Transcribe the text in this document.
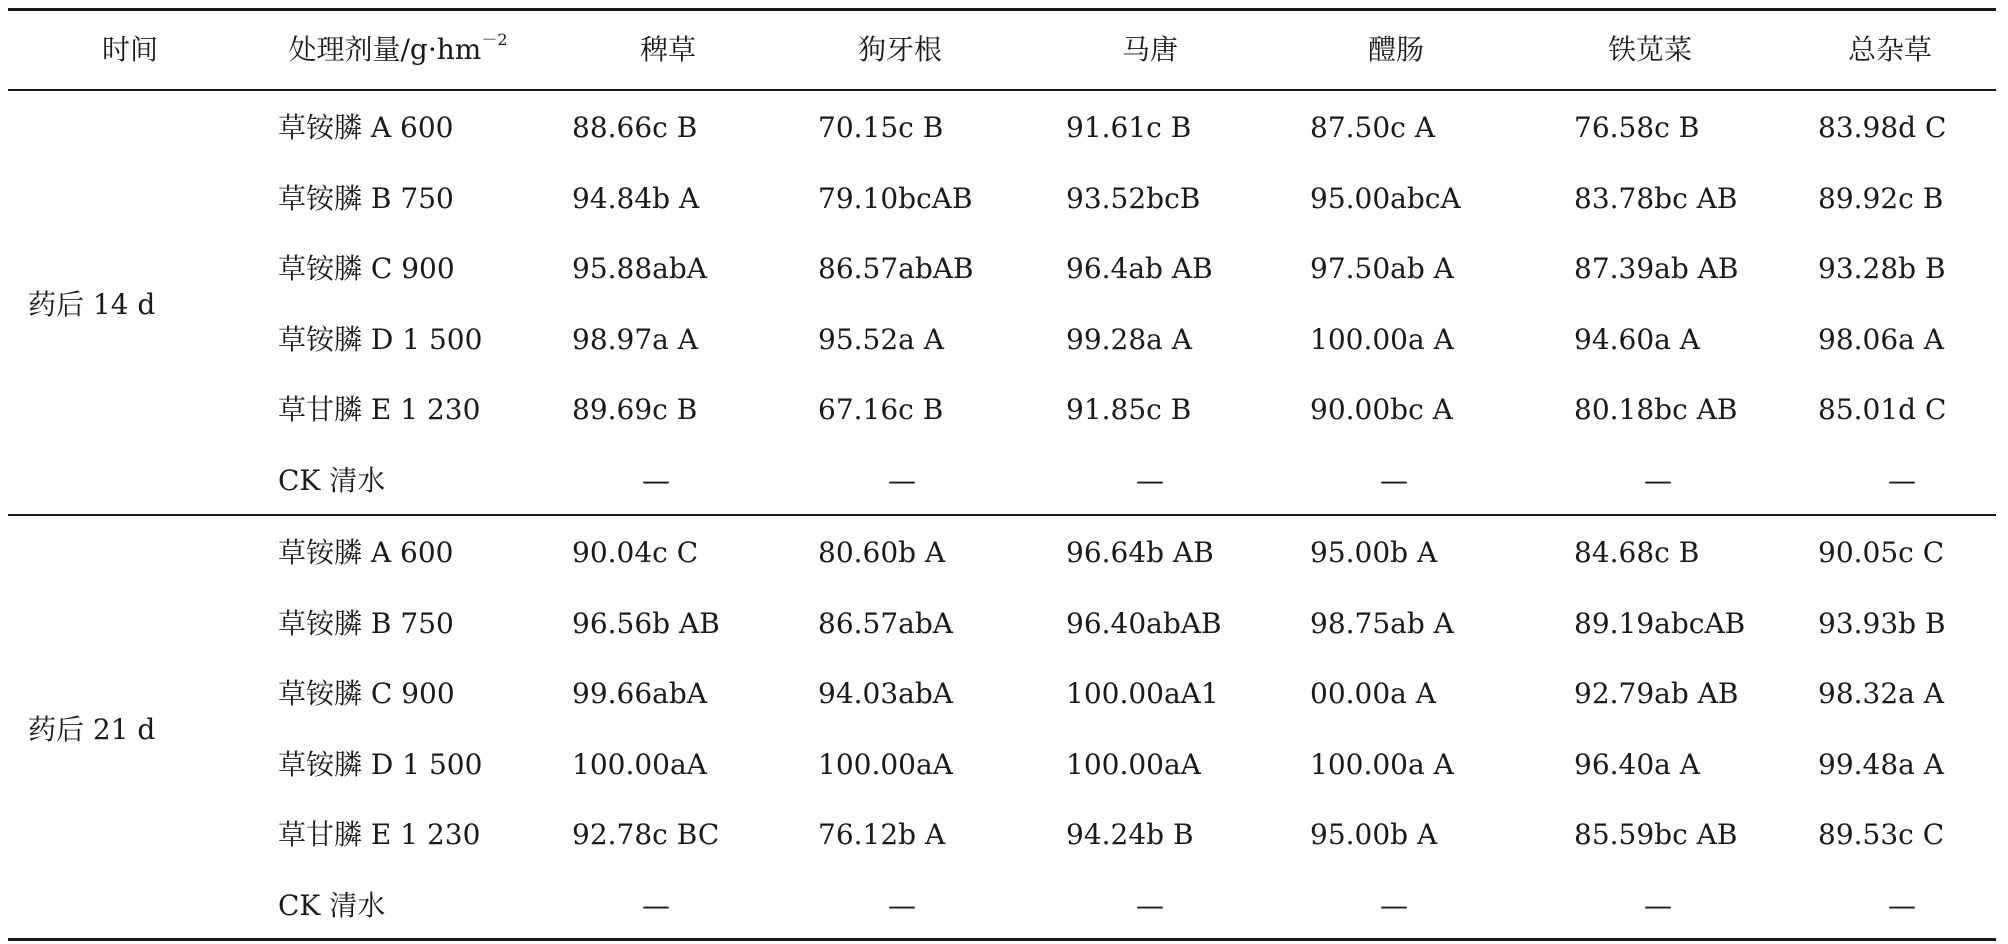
时间	处理剂量$/g\cdot hm^{-2}$	稗草	狗牙根	马唐	醴肠	铁苋菜	总杂草
药后 14 d
草铵膦 A 600	88.66c B	70.15c B	91.61c B	87.50c A	76.58c B	83.98d C
草铵膦 B 750	94.84b A	79.10bcAB	93.52bcB	95.00abcA	83.78bc AB	89.92c B
草铵膦 C 900	95.88abA	86.57abAB	96.4ab AB	97.50ab A	87.39ab AB	93.28b B
草铵膦 D 1 500	98.97a A	95.52a A	99.28a A	100.00a A	94.60a A	98.06a A
草甘膦 E 1 230	89.69c B	67.16c B	91.85c B	90.00bc A	80.18bc AB	85.01d C
CK 清水	—	—	—	—	—	—
药后 21 d
草铵膦 A 600	90.04c C	80.60b A	96.64b AB	95.00b A	84.68c B	90.05c C
草铵膦 B 750	96.56b AB	86.57abA	96.40abAB	98.75ab A	89.19abcAB	93.93b B
草铵膦 C 900	99.66abA	94.03abA	100.00aA1	00.00a A	92.79ab AB	98.32a A
草铵膦 D 1 500	100.00aA	100.00aA	100.00aA	100.00a A	96.40a A	99.48a A
草甘膦 E 1 230	92.78c BC	76.12b A	94.24b B	95.00b A	85.59bc AB	89.53c C
CK 清水	—	—	—	—	—	—
